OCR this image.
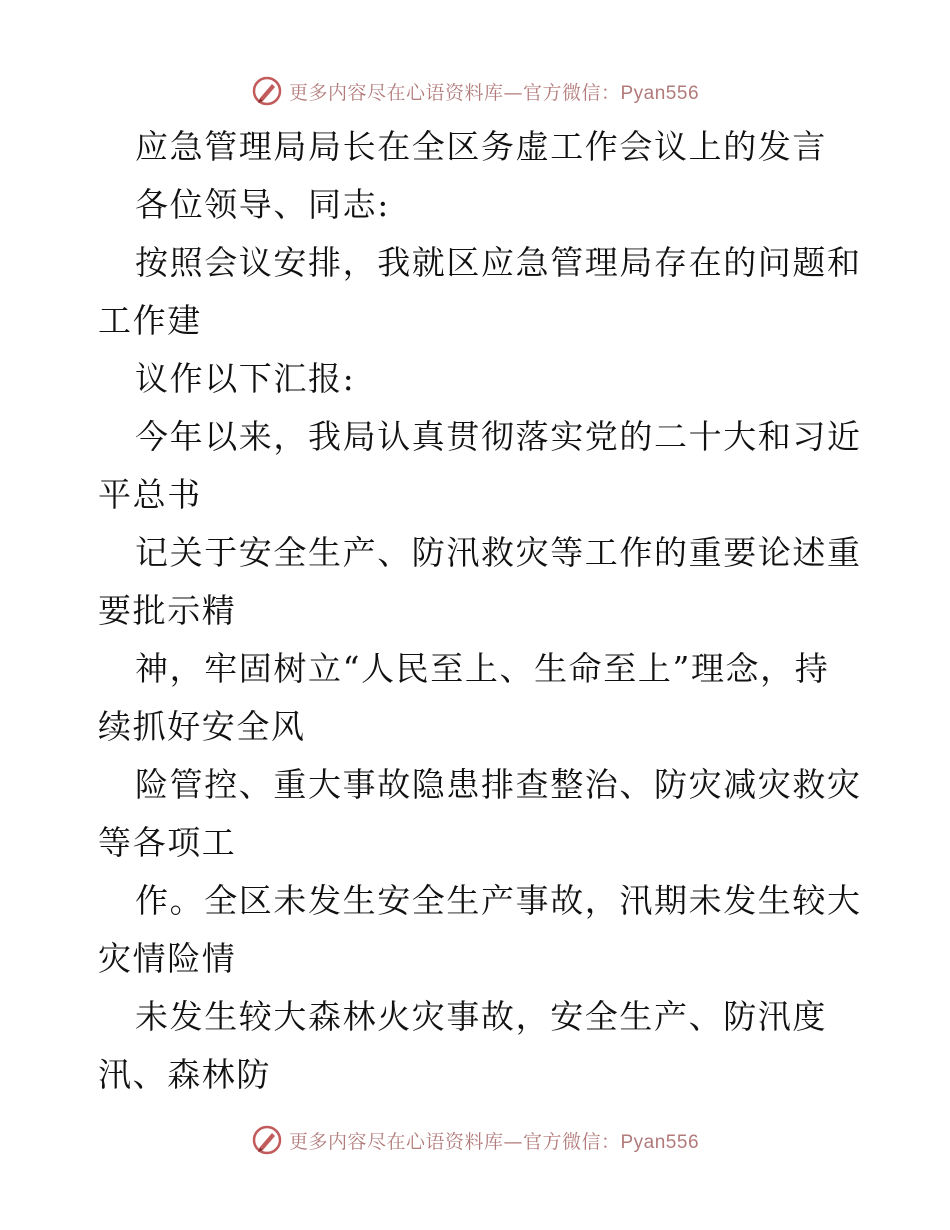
更多内容尽在心语资料库—官方微信：Pyan556
应急管理局局长在全区务虚工作会议上的发言
各位领导、同志:
按照会议安排，我就区应急管理局存在的问题和
工作建
议作以下汇报:
今年以来，我局认真贯彻落实党的二十大和习近
平总书
记关于安全生产、防汛救灾等工作的重要论述重
要批示精
神，牢固树立“人民至上、生命至上”理念，持
续抓好安全风
险管控、重大事故隐患排查整治、防灾减灾救灾
等各项工
作。全区未发生安全生产事故，汛期未发生较大
灾情险情
未发生较大森林火灾事故，安全生产、防汛度
汛、森林防
更多内容尽在心语资料库—官方微信：Pyan556
